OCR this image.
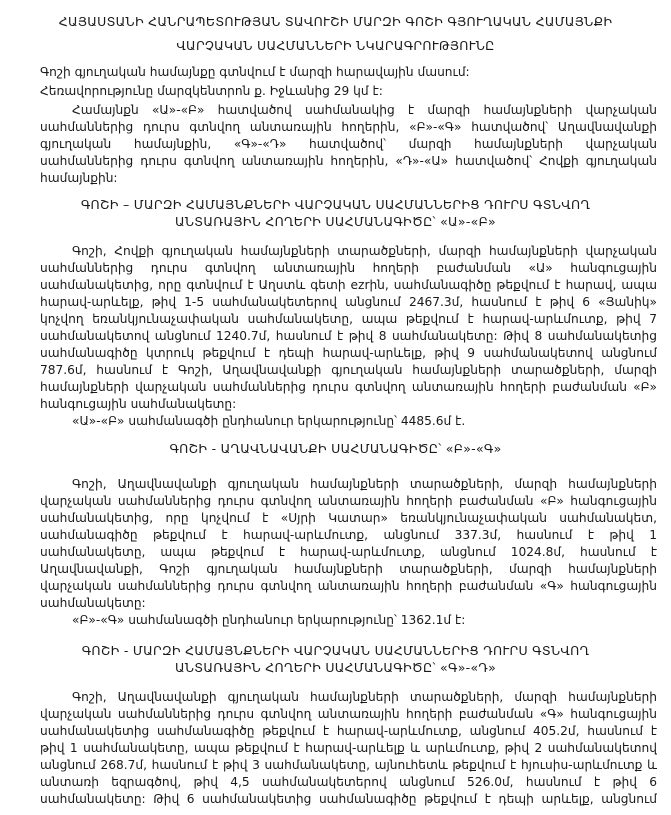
ՀԱՅԱՍՏԱՆԻ ՀԱՆՐԱՊԵՏՈՒԹՅԱՆ ՏԱՎՈՒՇԻ ՄԱՐԶԻ ԳՈՇԻ ԳՅՈՒՂԱԿԱՆ ՀԱՄԱՅՆՔԻ
ՎԱՐՉԱԿԱՆ ՍԱՀՄԱՆՆԵՐԻ ՆԿԱՐԱԳՐՈՒԹՅՈՒՆԸ
Գոշի գյուղական համայնքը գտնվում է մարզի հարավային մասում:
Հեռավորությունը մարզկենտրոն ք. Իջևանից 29 կմ է:
Համայնքն «Ա»-«Բ» հատվածով սահմանակից է մարզի համայնքների վարչական
սահմաններից դուրս գտնվող անտառային հողերին, «Բ»-«Գ» հատվածով՝ Աղավնավանքի
գյուղական համայնքին, «Գ»-«Դ» հատվածով՝ մարզի համայնքների վարչական
սահմաններից դուրս գտնվող անտառային հողերին, «Դ»-«Ա» հատվածով՝ Հովքի գյուղական
համայնքին:
ԳՈՇԻ – ՄԱՐԶԻ ՀԱՄԱՅՆՔՆԵՐԻ ՎԱՐՉԱԿԱՆ ՍԱՀՄԱՆՆԵՐԻՑ ԴՈՒՐՍ ԳՏՆՎՈՂ
ԱՆՏԱՌԱՅԻՆ ՀՈՂԵՐԻ ՍԱՀՄԱՆԱԳԻԾԸ՝ «Ա»-«Բ»
Գոշի, Հովքի գյուղական համայնքների տարածքների, մարզի համայնքների վարչական
սահմաններից դուրս գտնվող անտառային հողերի բաժանման «Ա» հանգուցային
սահմանակետից, որը գտնվում է Աղստև գետի ezrին, սահմանագիծը թեքվում է հարավ, ապա
հարավ-արևելք, թիվ 1-5 սահմանակետերով անցնում 2467.3մ, հասնում է թիվ 6 «Յանիկ»
կոչվող եռանկյունաչափական սահմանակետը, ապա թեքվում է հարավ-արևմուտք, թիվ 7
սահմանակետով անցնում 1240.7մ, հասնում է թիվ 8 սահմանակետը: Թիվ 8 սահմանակետից
սահմանագիծը կտրուկ թեքվում է դեպի հարավ-արևելք, թիվ 9 սահմանակետով անցնում
787.6մ, հասնում է Գոշի, Աղավնավանքի գյուղական համայնքների տարածքների, մարզի
համայնքների վարչական սահմաններից դուրս գտնվող անտառային հողերի բաժանման «Բ»
հանգուցային սահմանակետը:
«Ա»-«Բ» սահմանագծի ընդհանուր երկարությունը՝ 4485.6մ է.
ԳՈՇԻ - ԱՂԱՎՆԱՎԱՆՔԻ ՍԱՀՄԱՆԱԳԻԾԸ՝ «Բ»-«Գ»
Գոշի, Աղավնավանքի գյուղական համայնքների տարածքների, մարզի համայնքների
վարչական սահմաններից դուրս գտնվող անտառային հողերի բաժանման «Բ» հանգուցային
սահմանակետից, որը կոչվում է «Սյրի Կատար» եռանկյունաչափական սահմանակետ,
սահմանագիծը թեքվում է հարավ-արևմուտք, անցնում 337.3մ, հասնում է թիվ 1
սահմանակետը, ապա թեքվում է հարավ-արևմուտք, անցնում 1024.8մ, հասնում է
Աղավնավանքի, Գոշի գյուղական համայնքների տարածքների, մարզի համայնքների
վարչական սահմաններից դուրս գտնվող անտառային հողերի բաժանման «Գ» հանգուցային
սահմանակետը:
«Բ»-«Գ» սահմանագծի ընդհանուր երկարությունը՝ 1362.1մ է:
ԳՈՇԻ - ՄԱՐԶԻ ՀԱՄԱՅՆՔՆԵՐԻ ՎԱՐՉԱԿԱՆ ՍԱՀՄԱՆՆԵՐԻՑ ԴՈՒՐՍ ԳՏՆՎՈՂ
ԱՆՏԱՌԱՅԻՆ ՀՈՂԵՐԻ ՍԱՀՄԱՆԱԳԻԾԸ՝ «Գ»-«Դ»
Գոշի, Աղավնավանքի գյուղական համայնքների տարածքների, մարզի համայնքների
վարչական սահմաններից դուրս գտնվող անտառային հողերի բաժանման «Գ» հանգուցային
սահմանակետից սահմանագիծը թեքվում է հարավ-արևմուտք, անցնում 405.2մ, հասնում է
թիվ 1 սահմանակետը, ապա թեքվում է հարավ-արևելք և արևմուտք, թիվ 2 սահմանակետով
անցնում 268.7մ, հասնում է թիվ 3 սահմանակետը, այնուհետև թեքվում է հյուսիս-արևմուտք և
անտառի եզրագծով, թիվ 4,5 սահմանակետերով անցնում 526.0մ, հասնում է թիվ 6
սահմանակետը: Թիվ 6 սահմանակետից սահմանագիծը թեքվում է դեպի արևելք, անցնում
